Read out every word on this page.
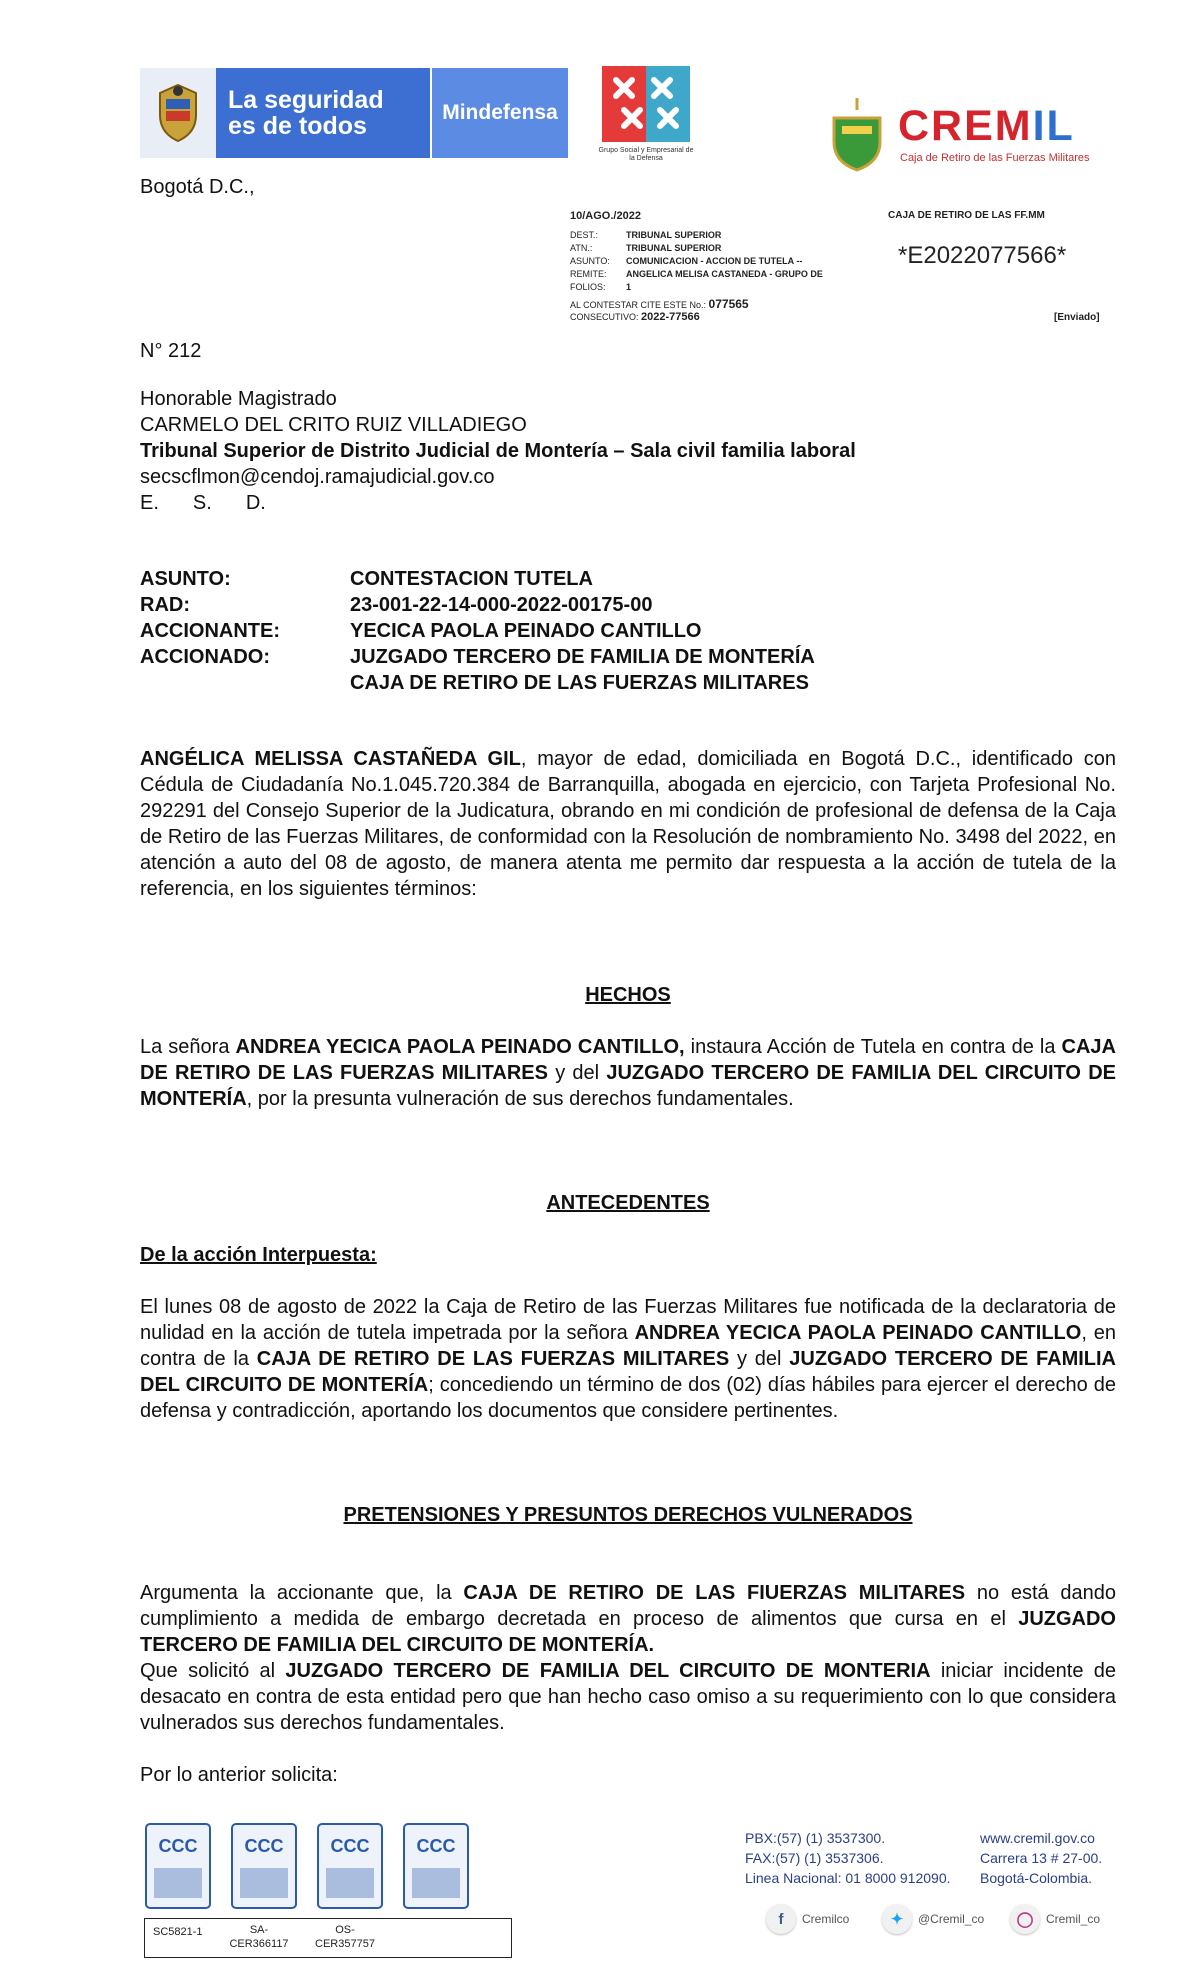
La seguridad
es de todos	Mindefensa
Grupo Social y Empresarial de la Defensa
CREMIL
Caja de Retiro de las Fuerzas Militares
Bogotá D.C.,
10/AGO./2022	CAJA DE RETIRO DE LAS FF.MM
DEST.:	TRIBUNAL SUPERIOR
ATN.:	TRIBUNAL SUPERIOR
ASUNTO: COMUNICACION - ACCION DE TUTELA --
REMITE: ANGELICA MELISA CASTANEDA - GRUPO DE
FOLIOS: 1
AL CONTESTAR CITE ESTE No.: 077565
CONSECUTIVO: 2022-77566
*E2022077566*
[Enviado]
N° 212
Honorable Magistrado
CARMELO DEL CRITO RUIZ VILLADIEGO
Tribunal Superior de Distrito Judicial de Montería – Sala civil familia laboral
secscflmon@cendoj.ramajudicial.gov.co
E. S. D.
ASUNTO:	CONTESTACION TUTELA
RAD:	23-001-22-14-000-2022-00175-00
ACCIONANTE:	YECICA PAOLA PEINADO CANTILLO
ACCIONADO:	JUZGADO TERCERO DE FAMILIA DE MONTERÍA
CAJA DE RETIRO DE LAS FUERZAS MILITARES
ANGÉLICA MELISSA CASTAÑEDA GIL, mayor de edad, domiciliada en Bogotá D.C., identificado con Cédula de Ciudadanía No.1.045.720.384 de Barranquilla, abogada en ejercicio, con Tarjeta Profesional No. 292291 del Consejo Superior de la Judicatura, obrando en mi condición de profesional de defensa de la Caja de Retiro de las Fuerzas Militares, de conformidad con la Resolución de nombramiento No. 3498 del 2022, en atención a auto del 08 de agosto, de manera atenta me permito dar respuesta a la acción de tutela de la referencia, en los siguientes términos:
HECHOS
La señora ANDREA YECICA PAOLA PEINADO CANTILLO, instaura Acción de Tutela en contra de la CAJA DE RETIRO DE LAS FUERZAS MILITARES y del JUZGADO TERCERO DE FAMILIA DEL CIRCUITO DE MONTERÍA, por la presunta vulneración de sus derechos fundamentales.
ANTECEDENTES
De la acción Interpuesta:
El lunes 08 de agosto de 2022 la Caja de Retiro de las Fuerzas Militares fue notificada de la declaratoria de nulidad en la acción de tutela impetrada por la señora ANDREA YECICA PAOLA PEINADO CANTILLO, en contra de la CAJA DE RETIRO DE LAS FUERZAS MILITARES y del JUZGADO TERCERO DE FAMILIA DEL CIRCUITO DE MONTERÍA; concediendo un término de dos (02) días hábiles para ejercer el derecho de defensa y contradicción, aportando los documentos que considere pertinentes.
PRETENSIONES Y PRESUNTOS DERECHOS VULNERADOS
Argumenta la accionante que, la CAJA DE RETIRO DE LAS FIUERZAS MILITARES no está dando cumplimiento a medida de embargo decretada en proceso de alimentos que cursa en el JUZGADO TERCERO DE FAMILIA DEL CIRCUITO DE MONTERÍA.
Que solicitó al JUZGADO TERCERO DE FAMILIA DEL CIRCUITO DE MONTERIA iniciar incidente de desacato en contra de esta entidad pero que han hecho caso omiso a su requerimiento con lo que considera vulnerados sus derechos fundamentales.
Por lo anterior solicita:
CCC	CCC	CCC	CCC
SC5821-1	SA-
CER366117
OS-
CER357757
PBX:(57) (1) 3537300.
FAX:(57) (1) 3537306.
Linea Nacional: 01 8000 912090.
www.cremil.gov.co
Carrera 13 # 27-00.
Bogotá-Colombia.
f	Cremilco	✦	@Cremil_co	◯	Cremil_co
